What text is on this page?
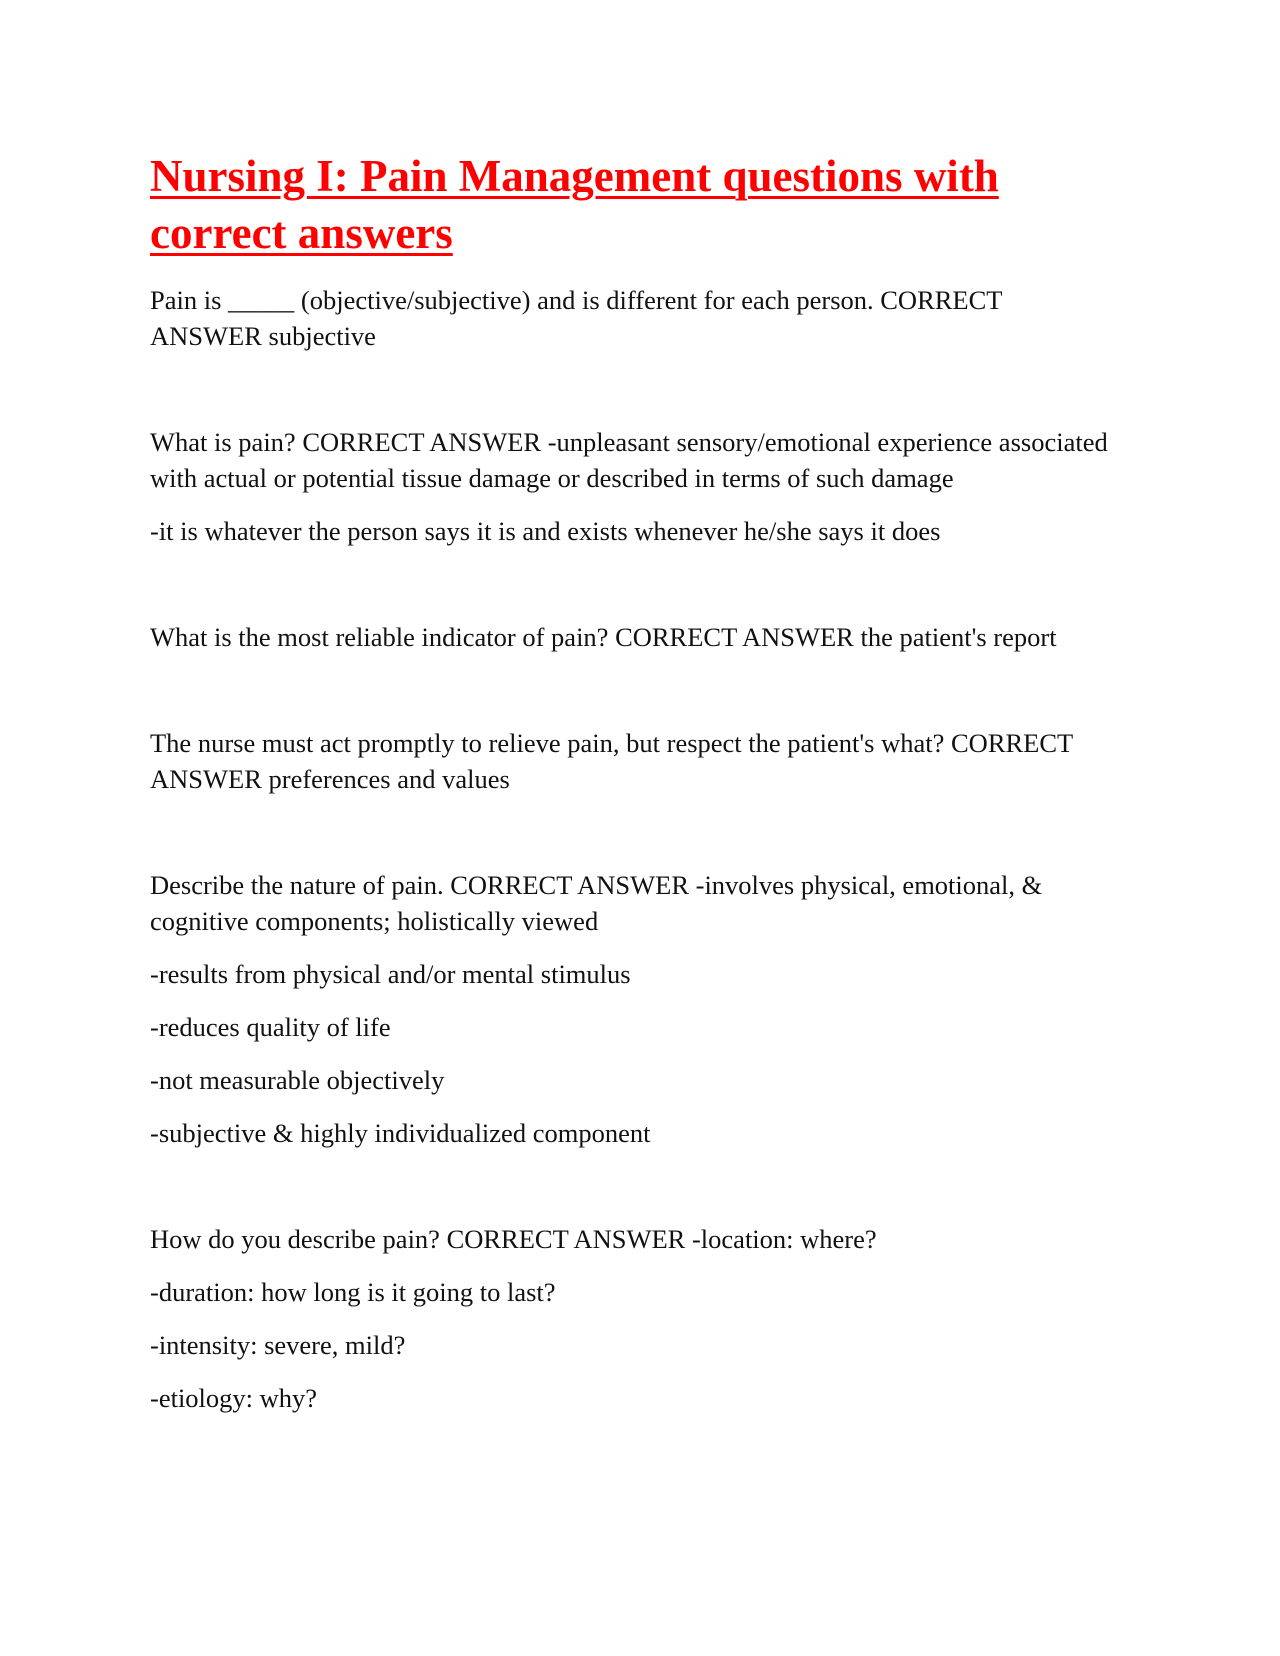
Nursing I: Pain Management questions with correct answers

Pain is _____ (objective/subjective) and is different for each person. CORRECT ANSWER subjective

What is pain? CORRECT ANSWER -unpleasant sensory/emotional experience associated with actual or potential tissue damage or described in terms of such damage

-it is whatever the person says it is and exists whenever he/she says it does

What is the most reliable indicator of pain? CORRECT ANSWER the patient's report

The nurse must act promptly to relieve pain, but respect the patient's what? CORRECT ANSWER preferences and values

Describe the nature of pain. CORRECT ANSWER -involves physical, emotional, & cognitive components; holistically viewed

-results from physical and/or mental stimulus

-reduces quality of life

-not measurable objectively

-subjective & highly individualized component

How do you describe pain? CORRECT ANSWER -location: where?

-duration: how long is it going to last?

-intensity: severe, mild?

-etiology: why?
